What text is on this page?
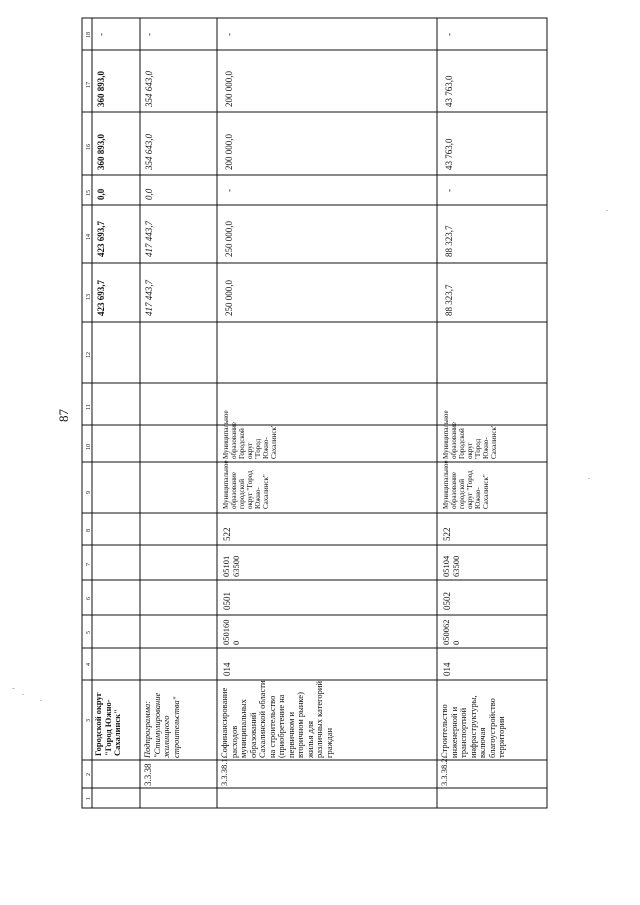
87
18
17
16
15
14
13
12
11
10
9
8
7
6
5
4
3
2
1
Городской округ "Город Южно-Сахалинск"
423 693,7
423 693,7
0,0
360 893,0
360 893,0
-
3.3.38
Подпрограмма: "Стимулирование жилищного строительства"
417 443,7
417 443,7
0,0
354 643,0
354 643,0
-
3.3.38.1.
Софинансирование расходов муниципальных образований Сахалинской области на строительство (приобретение на первичном и вторичном рынке) жилья для различных категорий граждан
014
0501600
0501
05101 63500
522
Муниципальное образование городской округ "Город Южно-Сахалинск"
Муниципальное образование Городской округ "Город Южно-Сахалинск"
250 000,0
250 000,0
-
200 000,0
200 000,0
-
3.3.38.2.
Строительство инженерной и транспортной инфраструктуры, включая благоустройство территории
014
0500620
0502
05104 63500
522
Муниципальное образование городской округ "Город Южно-Сахалинск"
Муниципальное образование Городской округ "Город Южно-Сахалинск"
88 323,7
88 323,7
-
43 763,0
43 763,0
-
